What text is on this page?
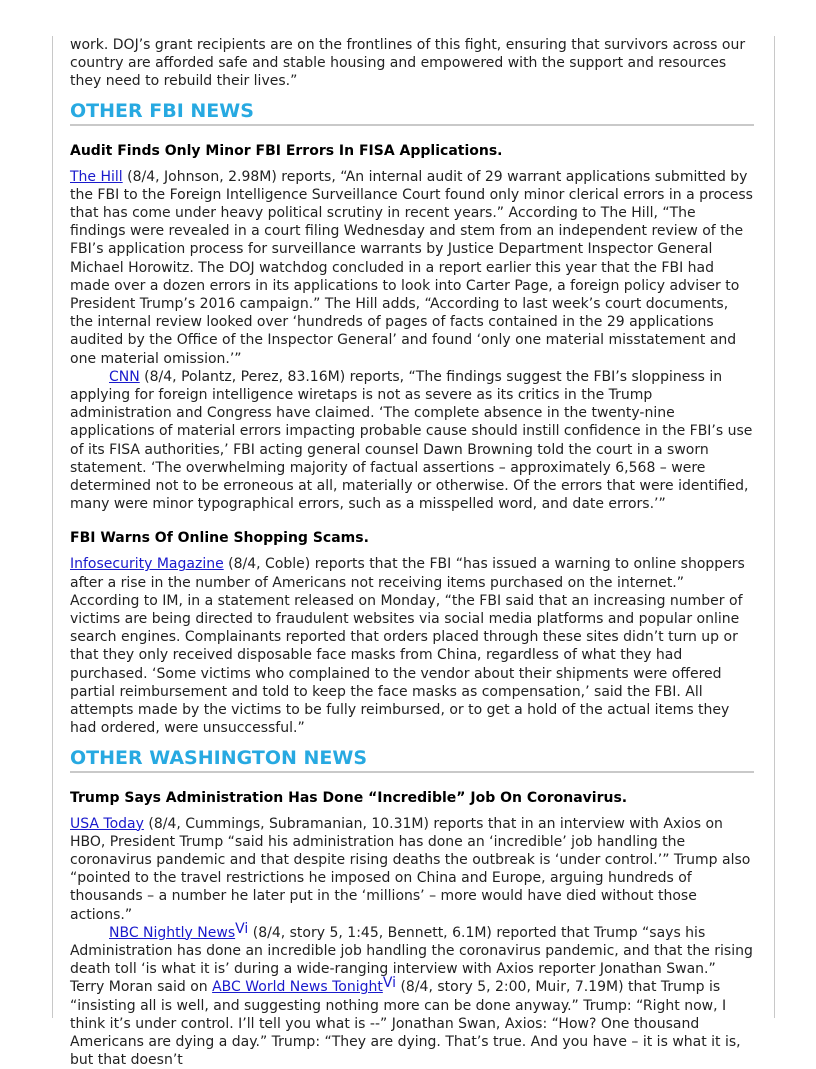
work. DOJ’s grant recipients are on the frontlines of this fight, ensuring that survivors across our country are afforded safe and stable housing and empowered with the support and resources they need to rebuild their lives.”

OTHER FBI NEWS
Audit Finds Only Minor FBI Errors In FISA Applications.

The Hill (8/4, Johnson, 2.98M) reports, “An internal audit of 29 warrant applications submitted by the FBI to the Foreign Intelligence Surveillance Court found only minor clerical errors in a process that has come under heavy political scrutiny in recent years.” According to The Hill, “The findings were revealed in a court filing Wednesday and stem from an independent review of the FBI’s application process for surveillance warrants by Justice Department Inspector General Michael Horowitz. The DOJ watchdog concluded in a report earlier this year that the FBI had made over a dozen errors in its applications to look into Carter Page, a foreign policy adviser to President Trump’s 2016 campaign.” The Hill adds, “According to last week’s court documents, the internal review looked over ‘hundreds of pages of facts contained in the 29 applications audited by the Office of the Inspector General’ and found ‘only one material misstatement and one material omission.’”

CNN (8/4, Polantz, Perez, 83.16M) reports, “The findings suggest the FBI’s sloppiness in applying for foreign intelligence wiretaps is not as severe as its critics in the Trump administration and Congress have claimed. ‘The complete absence in the twenty-nine applications of material errors impacting probable cause should instill confidence in the FBI’s use of its FISA authorities,’ FBI acting general counsel Dawn Browning told the court in a sworn statement. ‘The overwhelming majority of factual assertions – approximately 6,568 – were determined not to be erroneous at all, materially or otherwise. Of the errors that were identified, many were minor typographical errors, such as a misspelled word, and date errors.’”

FBI Warns Of Online Shopping Scams.

Infosecurity Magazine (8/4, Coble) reports that the FBI “has issued a warning to online shoppers after a rise in the number of Americans not receiving items purchased on the internet.” According to IM, in a statement released on Monday, “the FBI said that an increasing number of victims are being directed to fraudulent websites via social media platforms and popular online search engines. Complainants reported that orders placed through these sites didn’t turn up or that they only received disposable face masks from China, regardless of what they had purchased. ‘Some victims who complained to the vendor about their shipments were offered partial reimbursement and told to keep the face masks as compensation,’ said the FBI. All attempts made by the victims to be fully reimbursed, or to get a hold of the actual items they had ordered, were unsuccessful.”

OTHER WASHINGTON NEWS
Trump Says Administration Has Done “Incredible” Job On Coronavirus.

USA Today (8/4, Cummings, Subramanian, 10.31M) reports that in an interview with Axios on HBO, President Trump “said his administration has done an ‘incredible’ job handling the coronavirus pandemic and that despite rising deaths the outbreak is ‘under control.’” Trump also “pointed to the travel restrictions he imposed on China and Europe, arguing hundreds of thousands – a number he later put in the ‘millions’ – more would have died without those actions.”

NBC Nightly NewsVi (8/4, story 5, 1:45, Bennett, 6.1M) reported that Trump “says his Administration has done an incredible job handling the coronavirus pandemic, and that the rising death toll ‘is what it is’ during a wide-ranging interview with Axios reporter Jonathan Swan.” Terry Moran said on ABC World News TonightVi (8/4, story 5, 2:00, Muir, 7.19M) that Trump is “insisting all is well, and suggesting nothing more can be done anyway.” Trump: “Right now, I think it’s under control. I’ll tell you what is --” Jonathan Swan, Axios: “How? One thousand Americans are dying a day.” Trump: “They are dying. That’s true. And you have – it is what it is, but that doesn’t
